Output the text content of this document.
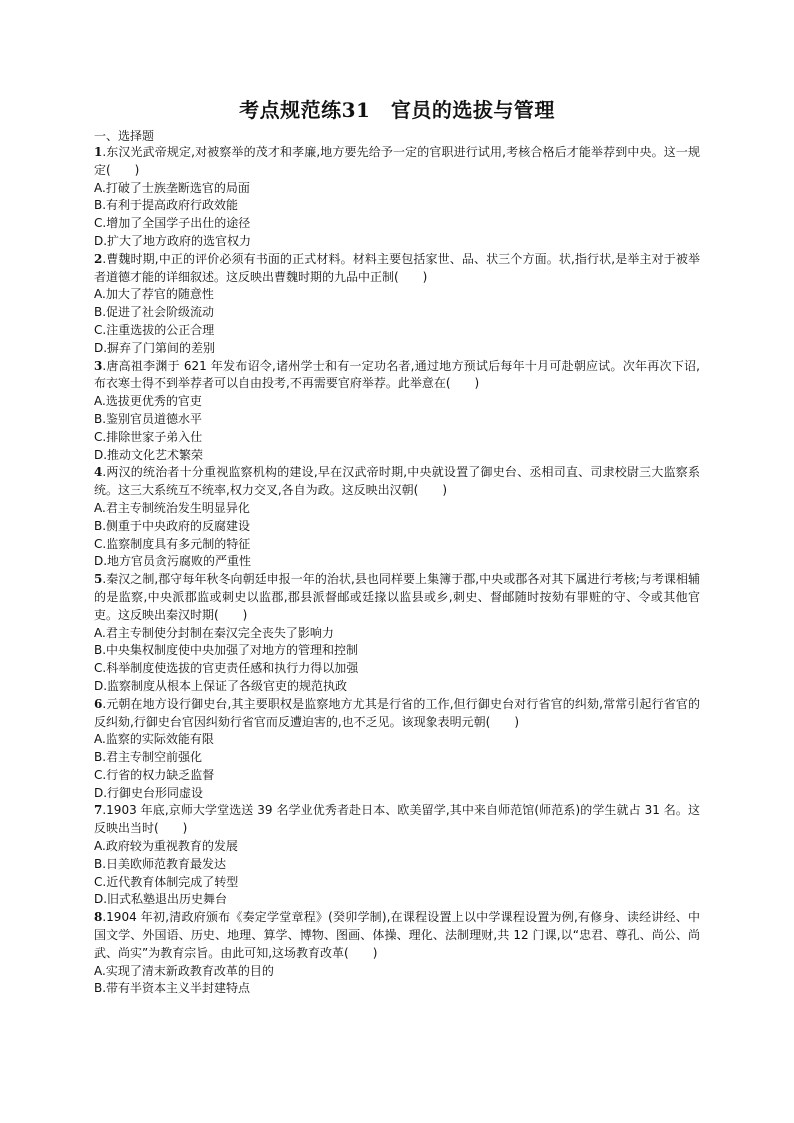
考点规范练31　官员的选拔与管理

一、选择题

1.东汉光武帝规定,对被察举的茂才和孝廉,地方要先给予一定的官职进行试用,考核合格后才能举荐到中央。这一规定(　　)

A.打破了士族垄断选官的局面

B.有利于提高政府行政效能

C.增加了全国学子出仕的途径

D.扩大了地方政府的选官权力

2.曹魏时期,中正的评价必须有书面的正式材料。材料主要包括家世、品、状三个方面。状,指行状,是举主对于被举者道德才能的详细叙述。这反映出曹魏时期的九品中正制(　　)

A.加大了荐官的随意性

B.促进了社会阶级流动

C.注重选拔的公正合理

D.摒弃了门第间的差别

3.唐高祖李渊于 621 年发布诏令,诸州学士和有一定功名者,通过地方预试后每年十月可赴朝应试。次年再次下诏,布衣寒士得不到举荐者可以自由投考,不再需要官府举荐。此举意在(　　)

A.选拔更优秀的官吏

B.鉴别官员道德水平

C.排除世家子弟入仕

D.推动文化艺术繁荣

4.两汉的统治者十分重视监察机构的建设,早在汉武帝时期,中央就设置了御史台、丞相司直、司隶校尉三大监察系统。这三大系统互不统率,权力交叉,各自为政。这反映出汉朝(　　)

A.君主专制统治发生明显异化

B.侧重于中央政府的反腐建设

C.监察制度具有多元制的特征

D.地方官员贪污腐败的严重性

5.秦汉之制,郡守每年秋冬向朝廷申报一年的治状,县也同样要上集簿于郡,中央或郡各对其下属进行考核;与考课相辅的是监察,中央派郡监或刺史以监郡,郡县派督邮或廷掾以监县或乡,刺史、督邮随时按劾有罪赃的守、令或其他官吏。这反映出秦汉时期(　　)

A.君主专制使分封制在秦汉完全丧失了影响力

B.中央集权制度使中央加强了对地方的管理和控制

C.科举制度使选拔的官吏责任感和执行力得以加强

D.监察制度从根本上保证了各级官吏的规范执政

6.元朝在地方设行御史台,其主要职权是监察地方尤其是行省的工作,但行御史台对行省官的纠劾,常常引起行省官的反纠劾,行御史台官因纠劾行省官而反遭迫害的,也不乏见。该现象表明元朝(　　)

A.监察的实际效能有限

B.君主专制空前强化

C.行省的权力缺乏监督

D.行御史台形同虚设

7.1903 年底,京师大学堂选送 39 名学业优秀者赴日本、欧美留学,其中来自师范馆(师范系)的学生就占 31 名。这反映出当时(　　)

A.政府较为重视教育的发展

B.日美欧师范教育最发达

C.近代教育体制完成了转型

D.旧式私塾退出历史舞台

8.1904 年初,清政府颁布《奏定学堂章程》(癸卯学制),在课程设置上以中学课程设置为例,有修身、读经讲经、中国文学、外国语、历史、地理、算学、博物、图画、体操、理化、法制理财,共 12 门课,以“忠君、尊孔、尚公、尚武、尚实”为教育宗旨。由此可知,这场教育改革(　　)

A.实现了清末新政教育改革的目的

B.带有半资本主义半封建特点
